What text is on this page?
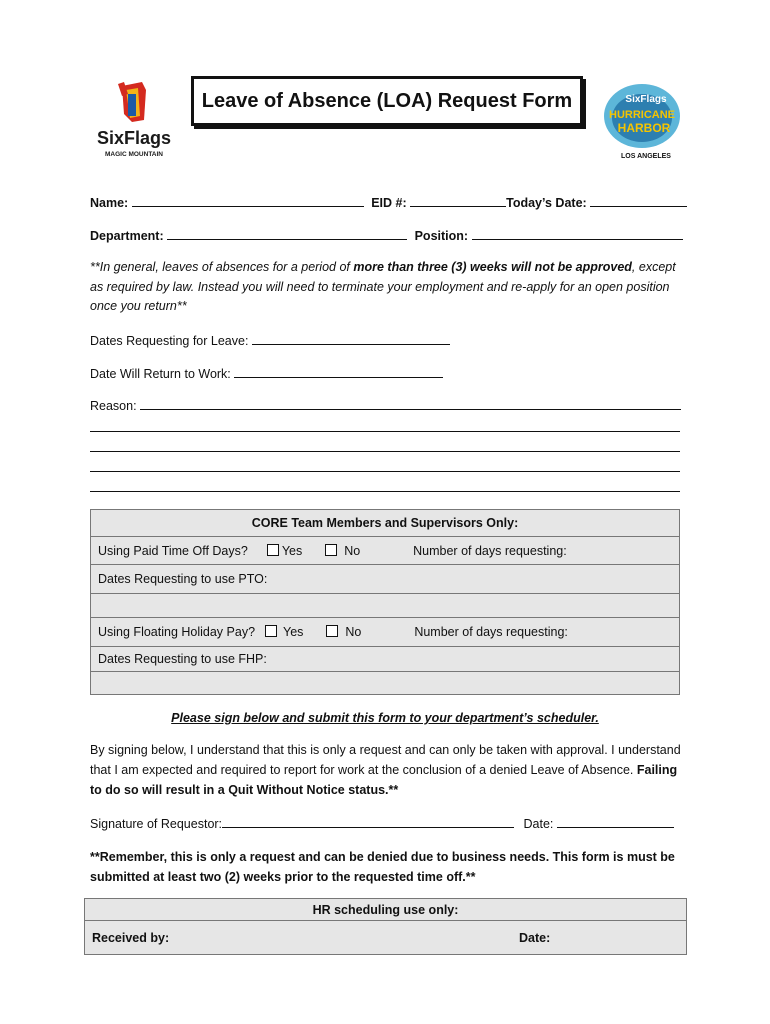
SixFlags
MAGIC MOUNTAIN
Leave of Absence (LOA) Request Form	SixFlags
HURRICANE
HARBOR
LOS ANGELES
Name:	EID #:	Today’s Date:
Department:	Position:
**In general, leaves of absences for a period of more than three (3) weeks will not be approved, except as required by law. Instead you will need to terminate your employment and re-apply for an open position once you return**
Dates Requesting for Leave:
Date Will Return to Work:
Reason:
CORE Team Members and Supervisors Only:
Using Paid Time Off Days?	Yes	No	Number of days requesting:
Dates Requesting to use PTO:

Using Floating Holiday Pay? Yes	No	Number of days requesting:
Dates Requesting to use FHP:

Please sign below and submit this form to your department’s scheduler.
By signing below, I understand that this is only a request and can only be taken with approval. I understand that I am expected and required to report for work at the conclusion of a denied Leave of Absence. Failing to do so will result in a Quit Without Notice status.**
Signature of Requestor:	Date:
**Remember, this is only a request and can be denied due to business needs. This form is must be submitted at least two (2) weeks prior to the requested time off.**
HR scheduling use only:
Received by:	Date:
